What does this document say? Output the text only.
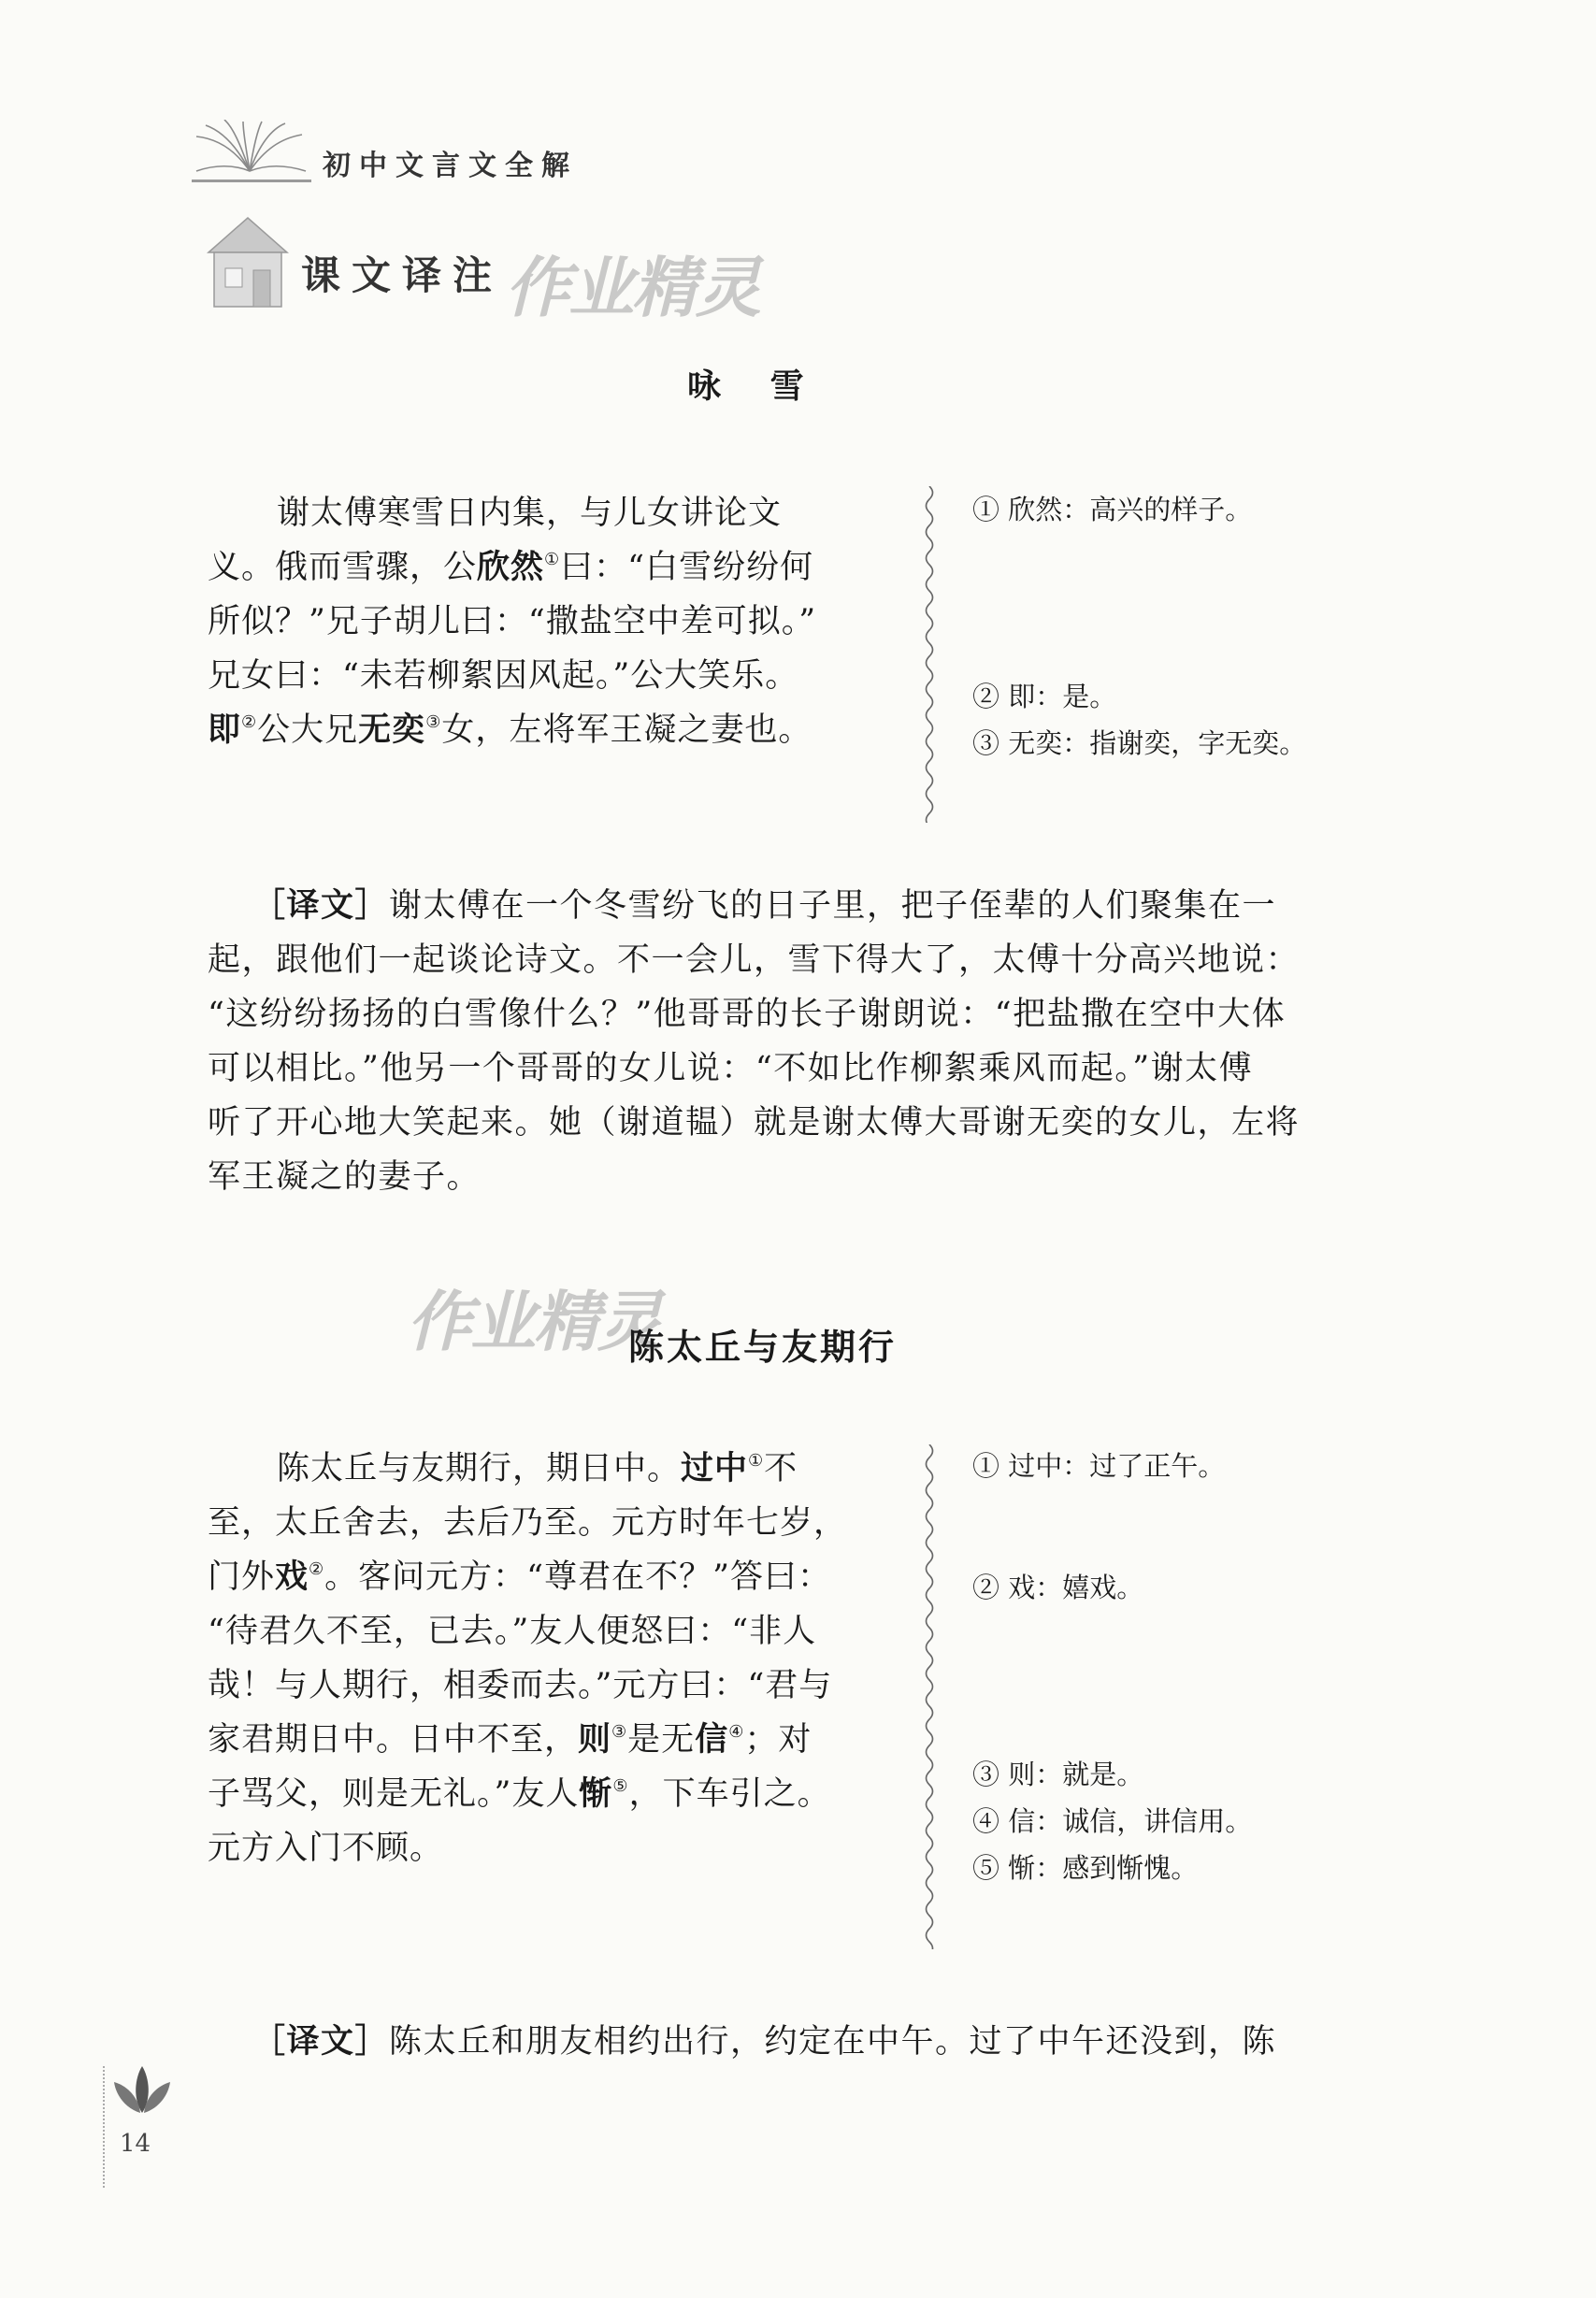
初中文言文全解
课文译注 作业精灵
咏 雪
谢太傅寒雪日内集，与儿女讲论文
义。俄而雪骤，公欣然①曰：“白雪纷纷何
所似？”兄子胡儿曰：“撒盐空中差可拟。”
兄女曰：“未若柳絮因风起。”公大笑乐。
即②公大兄无奕③女，左将军王凝之妻也。
① 欣然：高兴的样子。
② 即：是。
③ 无奕：指谢奕，字无奕。
［译文］谢太傅在一个冬雪纷飞的日子里，把子侄辈的人们聚集在一
起，跟他们一起谈论诗文。不一会儿，雪下得大了，太傅十分高兴地说：
“这纷纷扬扬的白雪像什么？”他哥哥的长子谢朗说：“把盐撒在空中大体
可以相比。”他另一个哥哥的女儿说：“不如比作柳絮乘风而起。”谢太傅
听了开心地大笑起来。她（谢道韫）就是谢太傅大哥谢无奕的女儿，左将
军王凝之的妻子。
作业精灵
陈太丘与友期行
陈太丘与友期行，期日中。过中①不
至，太丘舍去，去后乃至。元方时年七岁，
门外戏②。客问元方：“尊君在不？”答曰：
“待君久不至，已去。”友人便怒曰：“非人
哉！与人期行，相委而去。”元方曰：“君与
家君期日中。日中不至，则③是无信④；对
子骂父，则是无礼。”友人惭⑤，下车引之。
元方入门不顾。
① 过中：过了正午。
② 戏：嬉戏。
③ 则：就是。
④ 信：诚信，讲信用。
⑤ 惭：感到惭愧。
［译文］陈太丘和朋友相约出行，约定在中午。过了中午还没到，陈
14
